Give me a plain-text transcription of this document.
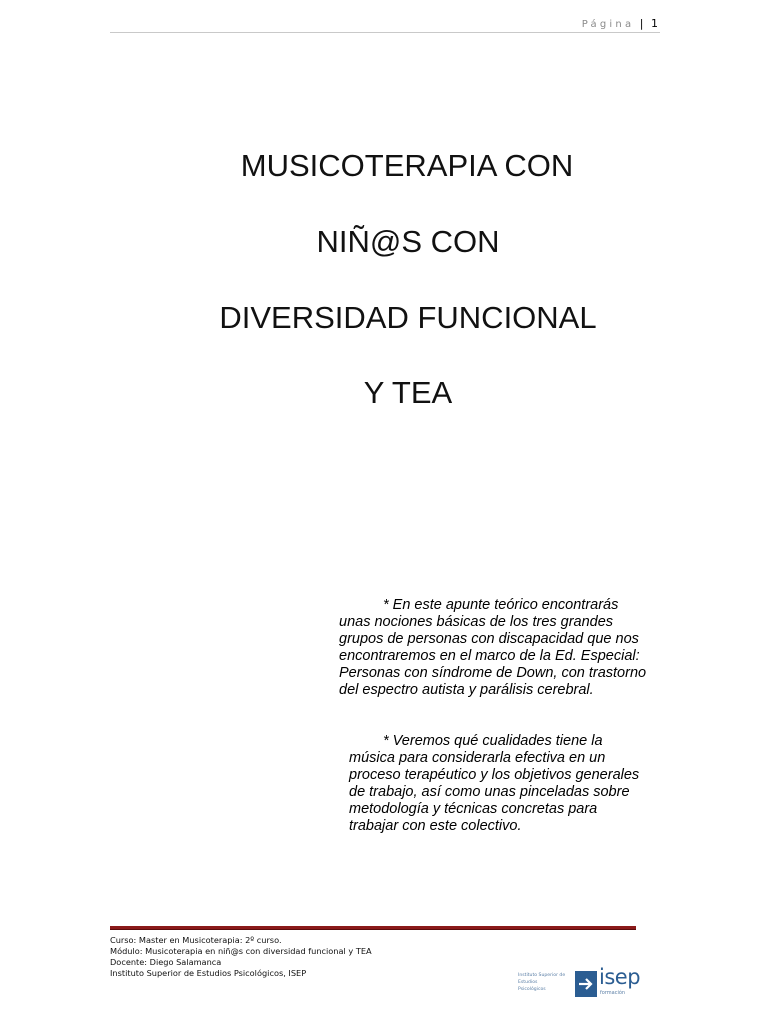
Página | 1
MUSICOTERAPIA CON
NIÑ@S CON
DIVERSIDAD FUNCIONAL
Y TEA
* En este apunte teórico encontrarás unas nociones básicas de los tres grandes grupos de personas con discapacidad que nos encontraremos en el marco de la Ed. Especial: Personas con síndrome de Down, con trastorno del espectro autista y parálisis cerebral.
* Veremos qué cualidades tiene la música para considerarla efectiva en un proceso terapéutico y los objetivos generales de trabajo, así como unas pinceladas sobre metodología y técnicas concretas para trabajar con este colectivo.
Curso: Master en Musicoterapia: 2º curso.
Módulo: Musicoterapia en niñ@s con diversidad funcional y TEA
Docente: Diego Salamanca
Instituto Superior de Estudios Psicológicos, ISEP	Instituto Superior de
Estudios
Psicológicos
isep
formación
